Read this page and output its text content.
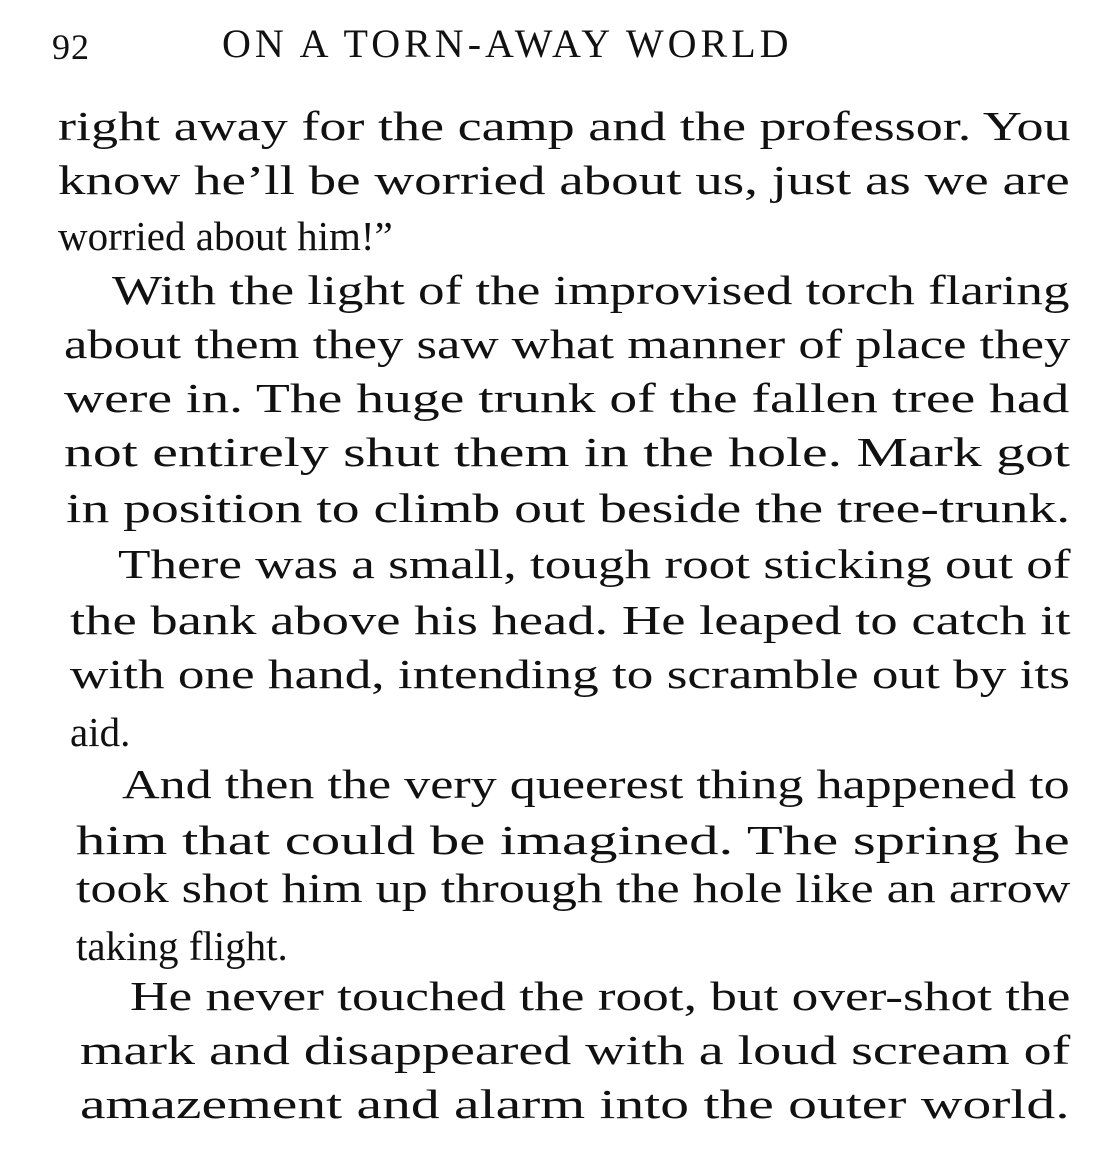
92	ON A TORN-AWAY WORLD
right away for the camp and the professor. You
know he’ll be worried about us, just as we are
worried about him!”
With the light of the improvised torch flaring
about them they saw what manner of place they
were in. The huge trunk of the fallen tree had
not entirely shut them in the hole. Mark got
in position to climb out beside the tree-trunk.
There was a small, tough root sticking out of
the bank above his head. He leaped to catch it
with one hand, intending to scramble out by its
aid.
And then the very queerest thing happened to
him that could be imagined. The spring he
took shot him up through the hole like an arrow
taking flight.
He never touched the root, but over-shot the
mark and disappeared with a loud scream of
amazement and alarm into the outer world.
